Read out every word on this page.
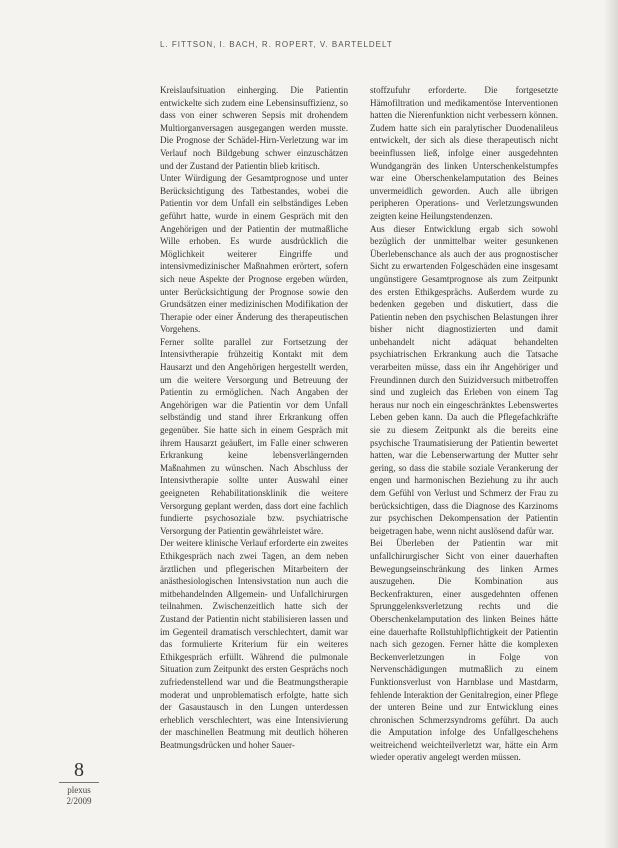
L. FITTSON, I. BACH, R. ROPERT, V. BARTELDELT

Kreislaufsituation einherging. Die Patientin entwickelte sich zudem eine Lebensinsuffizienz, so dass von einer schweren Sepsis mit drohendem Multiorganversagen ausgegangen werden musste. Die Prognose der Schädel-Hirn-Verletzung war im Verlauf noch Bildgebung schwer einzuschätzen und der Zustand der Patientin blieb kritisch.

Unter Würdigung der Gesamtprognose und unter Berücksichtigung des Tatbestandes, wobei die Patientin vor dem Unfall ein selbständiges Leben geführt hatte, wurde in einem Gespräch mit den Angehörigen und der Patientin der mutmaßliche Wille erhoben. Es wurde ausdrücklich die Möglichkeit weiterer Eingriffe und intensivmedizinischer Maßnahmen erörtert, sofern sich neue Aspekte der Prognose ergeben würden, unter Berücksichtigung der Prognose sowie den Grundsätzen einer medizinischen Modifikation der Therapie oder einer Änderung des therapeutischen Vorgehens.

Ferner sollte parallel zur Fortsetzung der Intensivtherapie frühzeitig Kontakt mit dem Hausarzt und den Angehörigen hergestellt werden, um die weitere Versorgung und Betreuung der Patientin zu ermöglichen. Nach Angaben der Angehörigen war die Patientin vor dem Unfall selbständig und stand ihrer Erkrankung offen gegenüber. Sie hatte sich in einem Gespräch mit ihrem Hausarzt geäußert, im Falle einer schweren Erkrankung keine lebensverlängernden Maßnahmen zu wünschen. Nach Abschluss der Intensivtherapie sollte unter Auswahl einer geeigneten Rehabilitationsklinik die weitere Versorgung geplant werden, dass dort eine fachlich fundierte psychosoziale bzw. psychiatrische Versorgung der Patientin gewährleistet wäre.

Der weitere klinische Verlauf erforderte ein zweites Ethikgespräch nach zwei Tagen, an dem neben ärztlichen und pflegerischen Mitarbeitern der anästhesiologischen Intensivstation nun auch die mitbehandelnden Allgemein- und Unfallchirurgen teilnahmen. Zwischenzeitlich hatte sich der Zustand der Patientin nicht stabilisieren lassen und im Gegenteil dramatisch verschlechtert, damit war das formulierte Kriterium für ein weiteres Ethikgespräch erfüllt. Während die pulmonale Situation zum Zeitpunkt des ersten Gesprächs noch zufriedenstellend war und die Beatmungstherapie moderat und unproblematisch erfolgte, hatte sich der Gasaustausch in den Lungen unterdessen erheblich verschlechtert, was eine Intensivierung der maschinellen Beatmung mit deutlich höheren Beatmungsdrücken und hoher Sauer-

stoffzufuhr erforderte. Die fortgesetzte Hämofiltration und medikamentöse Interventionen hatten die Nierenfunktion nicht verbessern können. Zudem hatte sich ein paralytischer Duodenalileus entwickelt, der sich als diese therapeutisch nicht beeinflussen ließ, infolge einer ausgedehnten Wundgangrän des linken Unterschenkelstumpfes war eine Oberschenkelamputation des Beines unvermeidlich geworden. Auch alle übrigen peripheren Operations- und Verletzungswunden zeigten keine Heilungstendenzen.

Aus dieser Entwicklung ergab sich sowohl bezüglich der unmittelbar weiter gesunkenen Überlebenschance als auch der aus prognostischer Sicht zu erwartenden Folgeschäden eine insgesamt ungünstigere Gesamtprognose als zum Zeitpunkt des ersten Ethikgesprächs. Außerdem wurde zu bedenken gegeben und diskutiert, dass die Patientin neben den psychischen Belastungen ihrer bisher nicht diagnostizierten und damit unbehandelt nicht adäquat behandelten psychiatrischen Erkrankung auch die Tatsache verarbeiten müsse, dass ein ihr Angehöriger und Freundinnen durch den Suizidversuch mitbetroffen sind und zugleich das Erleben von einem Tag heraus nur noch ein eingeschränktes Lebenswertes Leben geben kann. Da auch die Pflegefachkräfte sie zu diesem Zeitpunkt als die bereits eine psychische Traumatisierung der Patientin bewertet hatten, war die Lebenserwartung der Mutter sehr gering, so dass die stabile soziale Verankerung der engen und harmonischen Beziehung zu ihr auch dem Gefühl von Verlust und Schmerz der Frau zu berücksichtigen, dass die Diagnose des Karzinoms zur psychischen Dekompensation der Patientin beigetragen habe, wenn nicht auslösend dafür war.

Bei Überleben der Patientin war mit unfallchirurgischer Sicht von einer dauerhaften Bewegungseinschränkung des linken Armes auszugehen. Die Kombination aus Beckenfrakturen, einer ausgedehnten offenen Sprunggelenksverletzung rechts und die Oberschenkelamputation des linken Beines hätte eine dauerhafte Rollstuhlpflichtigkeit der Patientin nach sich gezogen. Ferner hätte die komplexen Beckenverletzungen in Folge von Nervenschädigungen mutmaßlich zu einem Funktionsverlust von Harnblase und Mastdarm, fehlende Interaktion der Genitalregion, einer Pflege der unteren Beine und zur Entwicklung eines chronischen Schmerzsyndroms geführt. Da auch die Amputation infolge des Unfallgeschehens weitreichend weichteilverletzt war, hätte ein Arm wieder operativ angelegt werden müssen.

8
plexus
2/2009
